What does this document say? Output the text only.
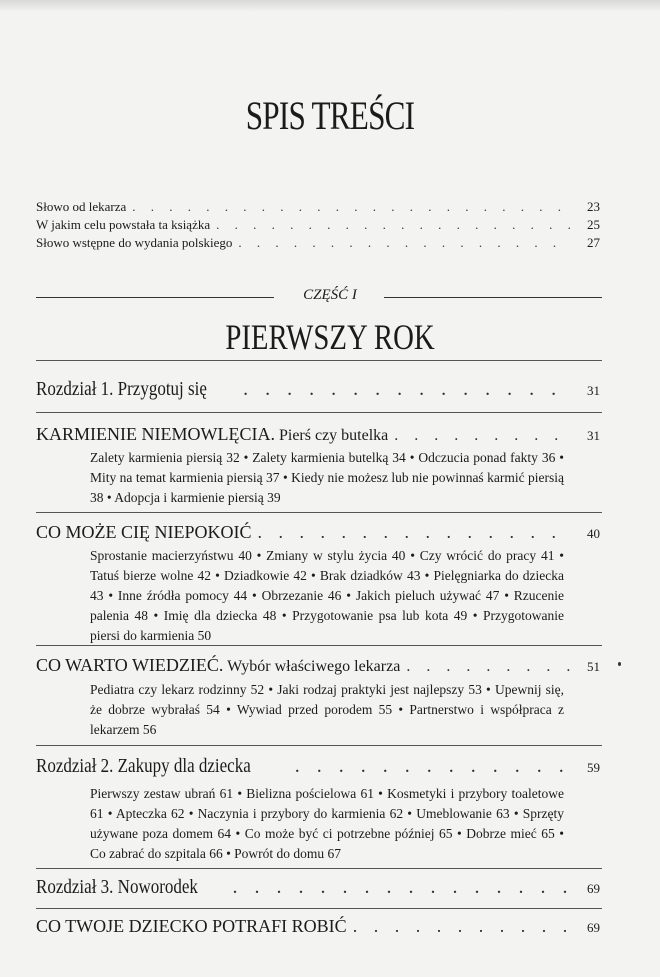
SPIS TREŚCI
Słowo od lekarza . . .	23
W jakim celu powstała ta książka . . .	25
Słowo wstępne do wydania polskiego . . .	27
CZĘŚĆ I
PIERWSZY ROK
Rozdział 1. Przygotuj się . . .	31
KARMIENIE NIEMOWLĘCIA. Pierś czy butelka . . .	31
Zalety karmienia piersią 32 • Zalety karmienia butelką 34 • Odczucia ponad fakty 36 • Mity na temat karmienia piersią 37 • Kiedy nie możesz lub nie powinnaś karmić piersią 38 • Adopcja i karmienie piersią 39
CO MOŻE CIĘ NIEPOKOIĆ . . .	40
Sprostanie macierzyństwu 40 • Zmiany w stylu życia 40 • Czy wrócić do pracy 41 • Tatuś bierze wolne 42 • Dziadkowie 42 • Brak dziadków 43 • Pielęgniarka do dziecka 43 • Inne źródła pomocy 44 • Obrzezanie 46 • Jakich pieluch używać 47 • Rzucenie palenia 48 • Imię dla dziecka 48 • Przygotowanie psa lub kota 49 • Przygotowanie piersi do karmienia 50
CO WARTO WIEDZIEĆ. Wybór właściwego lekarza . . .	51
Pediatra czy lekarz rodzinny 52 • Jaki rodzaj praktyki jest najlepszy 53 • Upewnij się, że dobrze wybrałaś 54 • Wywiad przed porodem 55 • Partnerstwo i współpraca z lekarzem 56
Rozdział 2. Zakupy dla dziecka . . .	59
Pierwszy zestaw ubrań 61 • Bielizna pościelowa 61 • Kosmetyki i przybory toaletowe 61 • Apteczka 62 • Naczynia i przybory do karmienia 62 • Umeblowanie 63 • Sprzęty używane poza domem 64 • Co może być ci potrzebne później 65 • Dobrze mieć 65 • Co zabrać do szpitala 66 • Powrót do domu 67
Rozdział 3. Noworodek . . .	69
CO TWOJE DZIECKO POTRAFI ROBIĆ . . .	69
